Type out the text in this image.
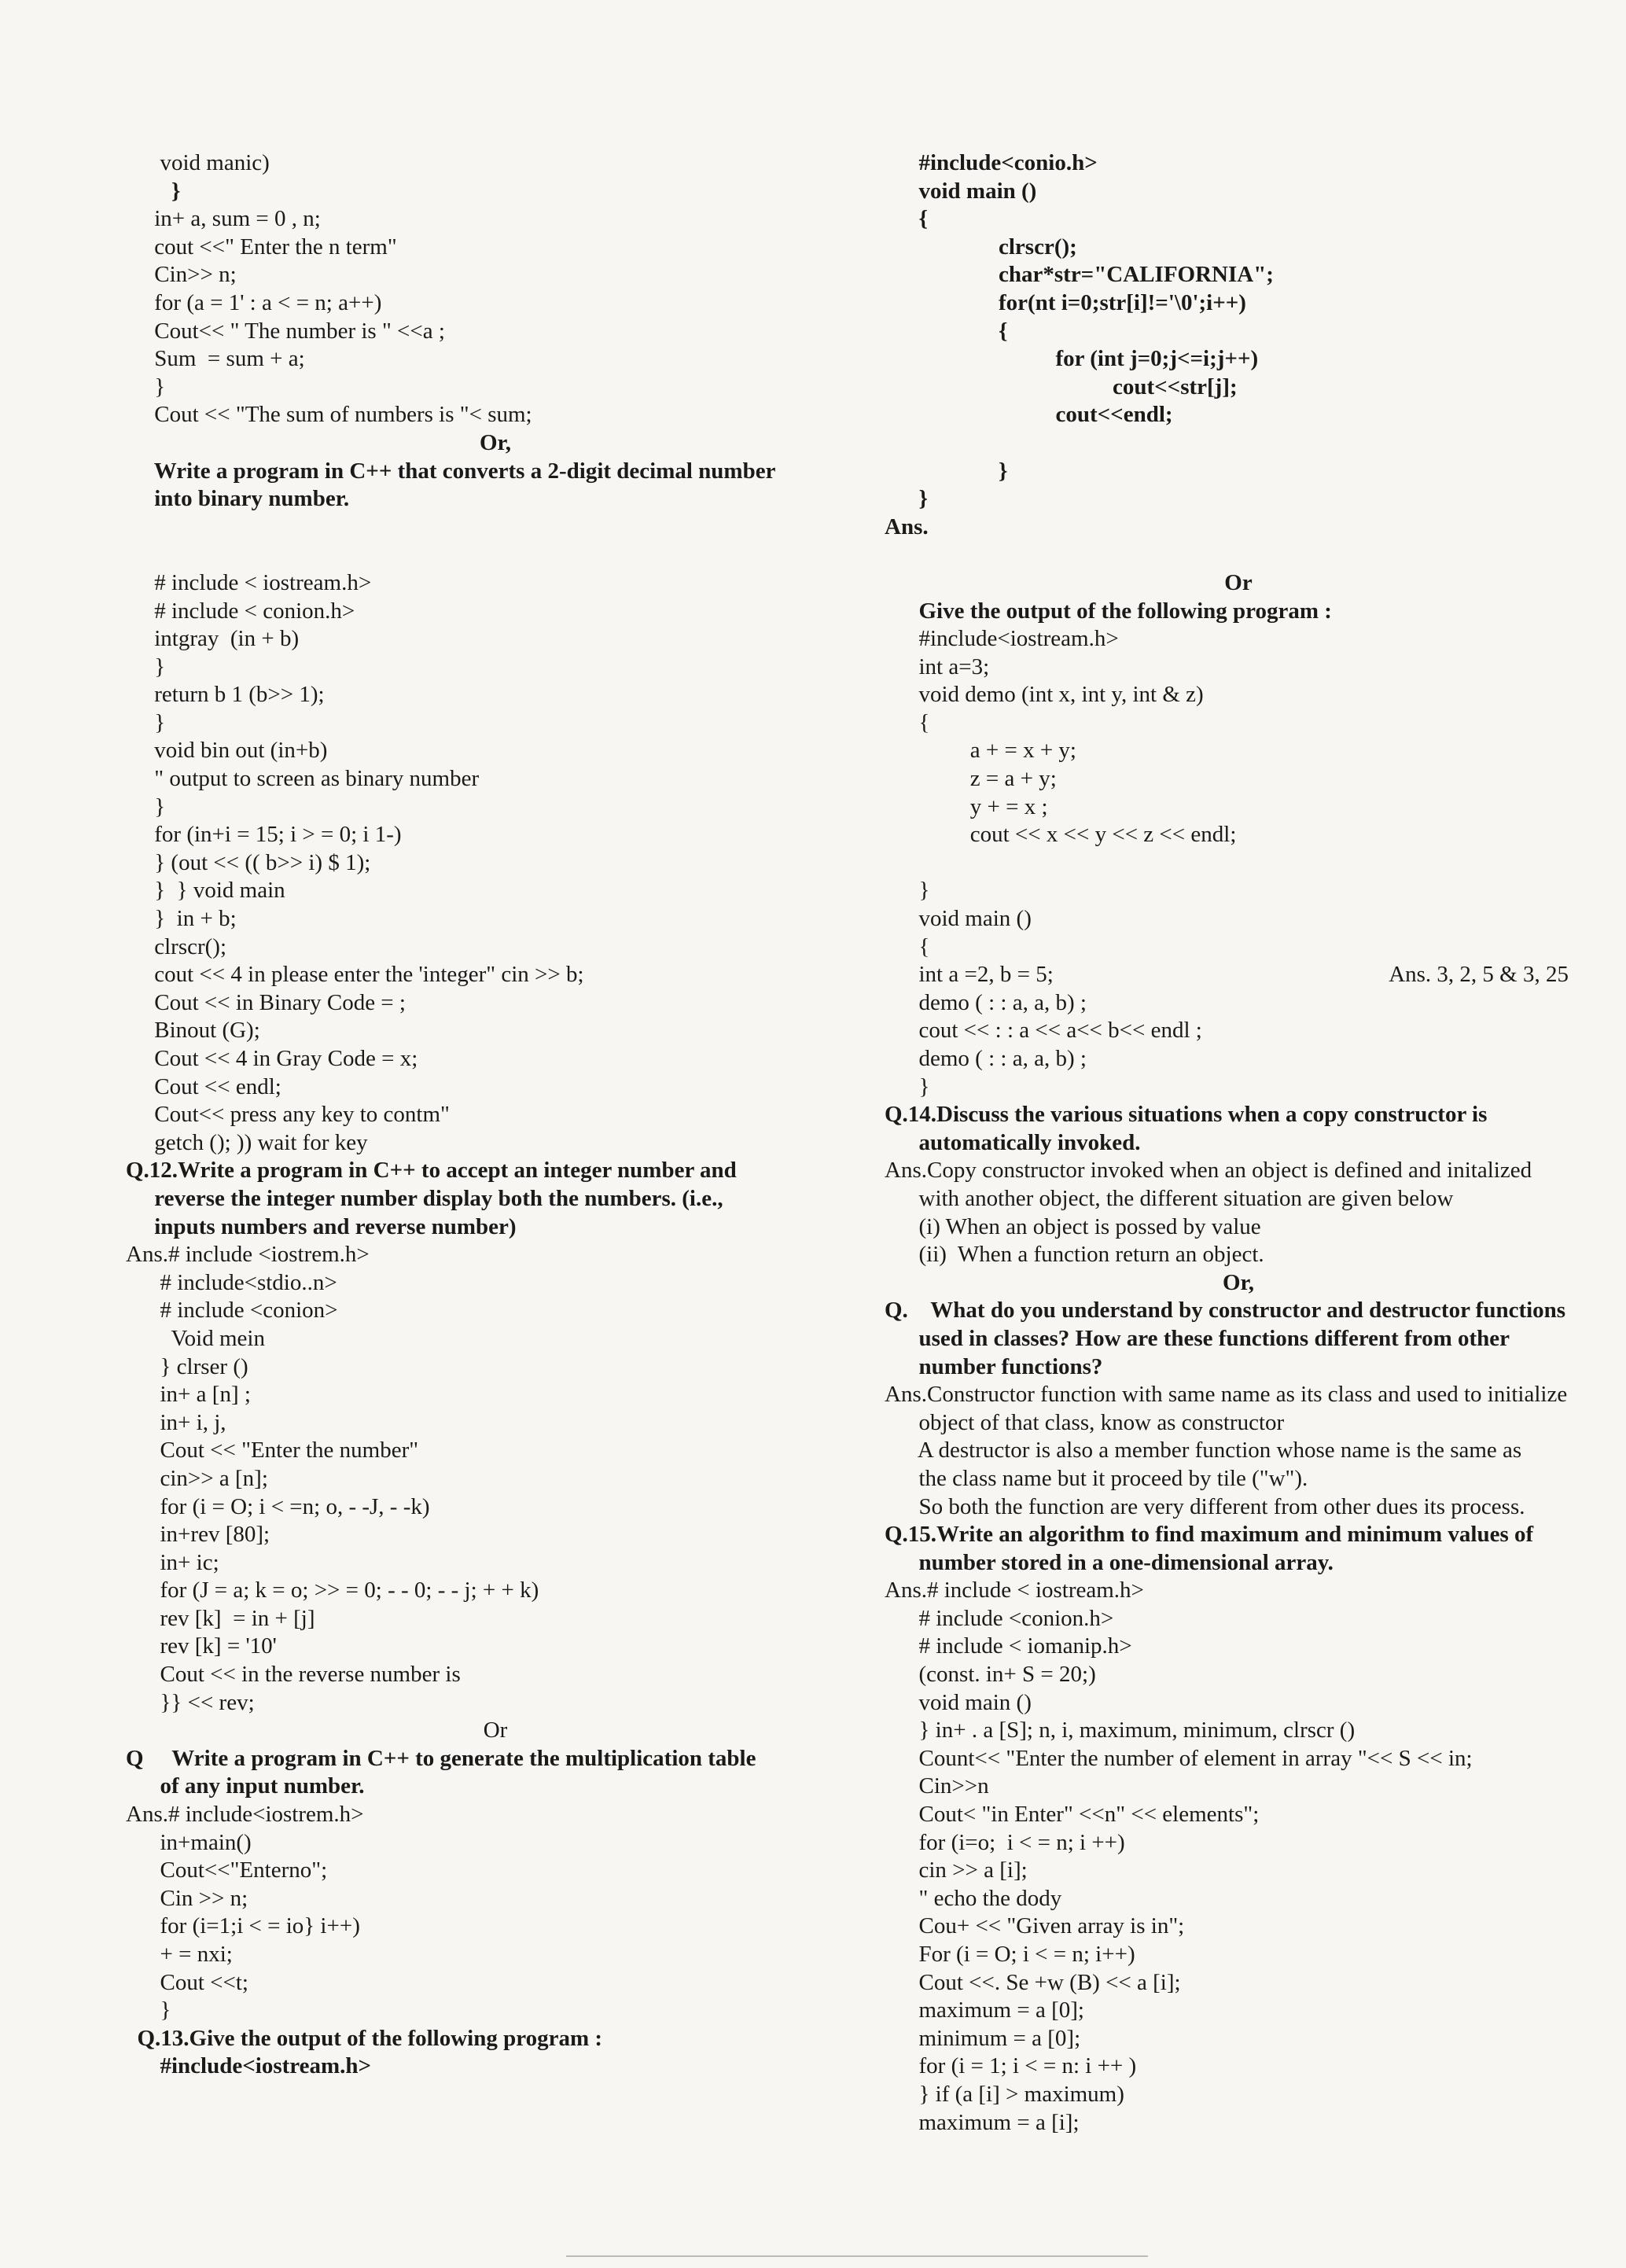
void manic)
}
in+ a, sum = 0 , n;
cout <<" Enter the n term"
Cin>> n;
for (a = 1' : a < = n; a++)
Cout<< " The number is " <<a ;
Sum  = sum + a;
}
Cout << "The sum of numbers is "< sum;
Or,
Write a program in C++ that converts a 2-digit decimal number
into binary number.
# include < iostream.h>
# include < conion.h>
intgray  (in + b)
}
return b 1 (b>> 1);
}
void bin out (in+b)
" output to screen as binary number
}
for (in+i = 15; i > = 0; i 1-)
} (out << (( b>> i) $ 1);
}  } void main
}  in + b;
clrscr();
cout << 4 in please enter the 'integer" cin >> b;
Cout << in Binary Code = ;
Binout (G);
Cout << 4 in Gray Code = x;
Cout << endl;
Cout<< press any key to contm"
getch (); )) wait for key
Q.12.Write a program in C++ to accept an integer number and
reverse the integer number display both the numbers. (i.e.,
inputs numbers and reverse number)
Ans.# include <iostrem.h>
# include<stdio..n>
# include <conion>
Void mein
} clrser ()
in+ a [n] ;
in+ i, j,
Cout << "Enter the number"
cin>> a [n];
for (i = O; i < =n; o, - -J, - -k)
in+rev [80];
in+ ic;
for (J = a; k = o; >> = 0; - - 0; - - j; + + k)
rev [k]  = in + [j]
rev [k] = '10'
Cout << in the reverse number is
}} << rev;
Or
Q     Write a program in C++ to generate the multiplication table
of any input number.
Ans.# include<iostrem.h>
in+main()
Cout<<"Enterno";
Cin >> n;
for (i=1;i < = io} i++)
+ = nxi;
Cout <<t;
}
Q.13.Give the output of the following program :
#include<iostream.h>
#include<conio.h>
void main ()
{
clrscr();
char*str="CALIFORNIA";
for(nt i=0;str[i]!='\0';i++)
{
for (int j=0;j<=i;j++)
cout<<str[j];
cout<<endl;
}
}
Ans.
Or
Give the output of the following program :
#include<iostream.h>
int a=3;
void demo (int x, int y, int & z)
{
a + = x + y;
z = a + y;
y + = x ;
cout << x << y << z << endl;
}
void main ()
{
int a =2, b = 5;	Ans. 3, 2, 5 & 3, 25
demo ( : : a, a, b) ;
cout << : : a << a<< b<< endl ;
demo ( : : a, a, b) ;
}
Q.14.Discuss the various situations when a copy constructor is
automatically invoked.
Ans.Copy constructor invoked when an object is defined and initalized
with another object, the different situation are given below
(i) When an object is possed by value
(ii)  When a function return an object.
Or,
Q.    What do you understand by constructor and destructor functions
used in classes? How are these functions different from other
number functions?
Ans.Constructor function with same name as its class and used to initialize
object of that class, know as constructor
A destructor is also a member function whose name is the same as
the class name but it proceed by tile ("w").
So both the function are very different from other dues its process.
Q.15.Write an algorithm to find maximum and minimum values of
number stored in a one-dimensional array.
Ans.# include < iostream.h>
# include <conion.h>
# include < iomanip.h>
(const. in+ S = 20;)
void main ()
} in+ . a [S]; n, i, maximum, minimum, clrscr ()
Count<< "Enter the number of element in array "<< S << in;
Cin>>n
Cout< "in Enter" <<n" << elements";
for (i=o;  i < = n; i ++)
cin >> a [i];
" echo the dody
Cou+ << "Given array is in";
For (i = O; i < = n; i++)
Cout <<. Se +w (B) << a [i];
maximum = a [0];
minimum = a [0];
for (i = 1; i < = n: i ++ )
} if (a [i] > maximum)
maximum = a [i];
